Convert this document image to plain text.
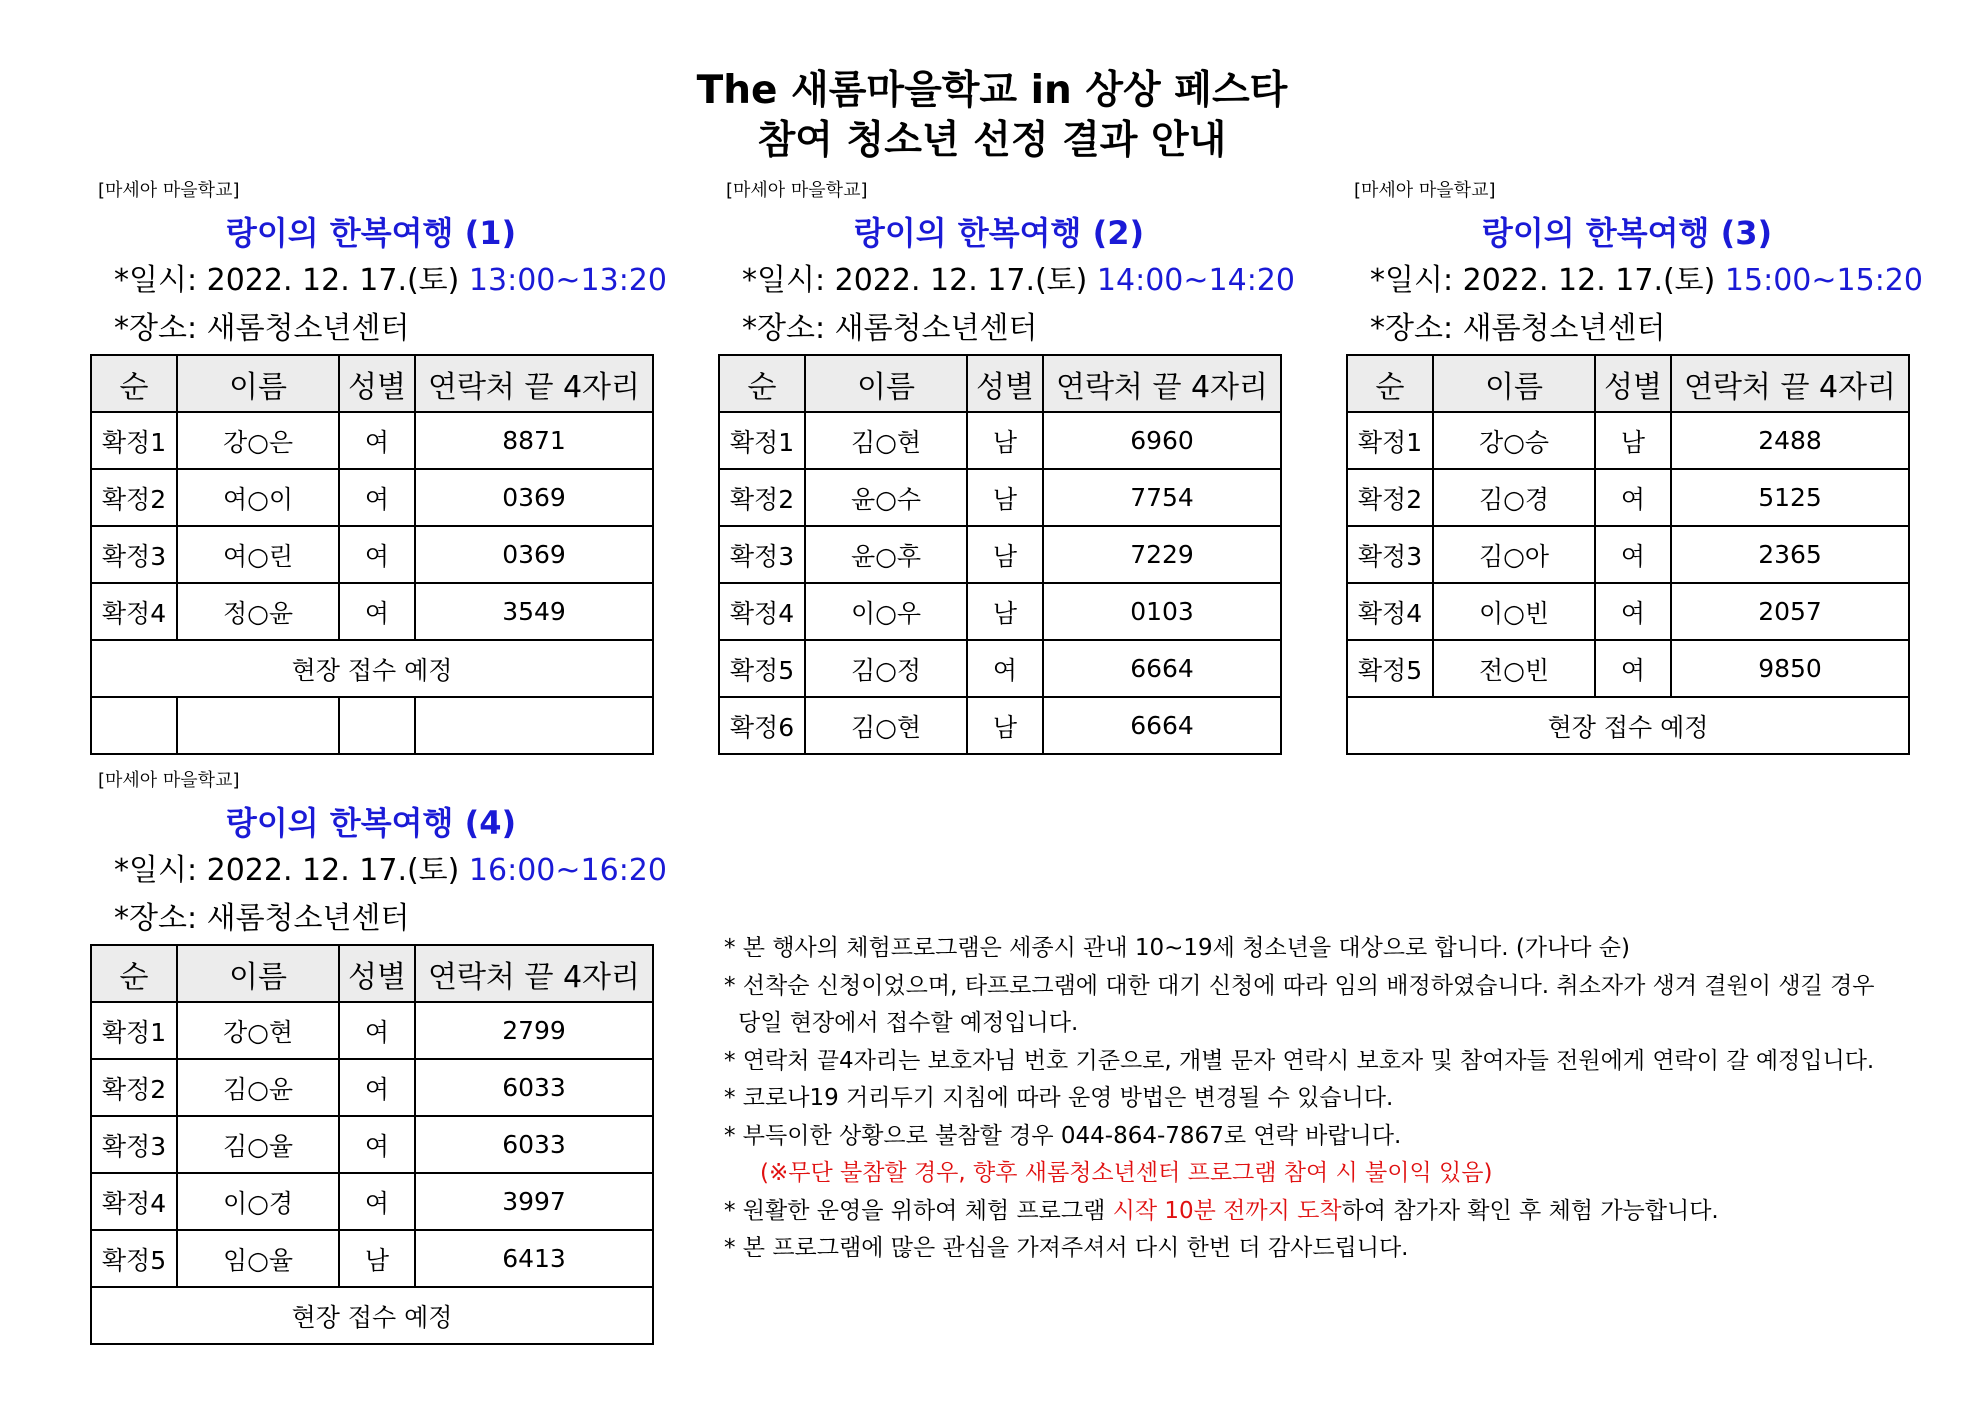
The 새롬마을학교 in 상상 페스타
참여 청소년 선정 결과 안내
[마세아 마을학교]
랑이의 한복여행 (1)
*일시: 2022. 12. 17.(토) 13:00~13:20
*장소: 새롬청소년센터
순	이름	성별	연락처 끝 4자리
확정1	강○은	여	8871
확정2	여○이	여	0369
확정3	여○린	여	0369
확정4	정○윤	여	3549
현장 접수 예정			

[마세아 마을학교]
랑이의 한복여행 (2)
*일시: 2022. 12. 17.(토) 14:00~14:20
*장소: 새롬청소년센터
순	이름	성별	연락처 끝 4자리
확정1	김○현	남	6960
확정2	윤○수	남	7754
확정3	윤○후	남	7229
확정4	이○우	남	0103
확정5	김○정	여	6664
확정6	김○현	남	6664
[마세아 마을학교]
랑이의 한복여행 (3)
*일시: 2022. 12. 17.(토) 15:00~15:20
*장소: 새롬청소년센터
순	이름	성별	연락처 끝 4자리
확정1	강○승	남	2488
확정2	김○경	여	5125
확정3	김○아	여	2365
확정4	이○빈	여	2057
확정5	전○빈	여	9850
현장 접수 예정			
[마세아 마을학교]
랑이의 한복여행 (4)
*일시: 2022. 12. 17.(토) 16:00~16:20
*장소: 새롬청소년센터
순	이름	성별	연락처 끝 4자리
확정1	강○현	여	2799
확정2	김○윤	여	6033
확정3	김○율	여	6033
확정4	이○경	여	3997
확정5	임○율	남	6413
현장 접수 예정			
* 본 행사의 체험프로그램은 세종시 관내 10~19세 청소년을 대상으로 합니다. (가나다 순)
* 선착순 신청이었으며, 타프로그램에 대한 대기 신청에 따라 임의 배정하였습니다. 취소자가 생겨 결원이 생길 경우
당일 현장에서 접수할 예정입니다.
* 연락처 끝4자리는 보호자님 번호 기준으로, 개별 문자 연락시 보호자 및 참여자들 전원에게 연락이 갈 예정입니다.
* 코로나19 거리두기 지침에 따라 운영 방법은 변경될 수 있습니다.
* 부득이한 상황으로 불참할 경우 044-864-7867로 연락 바랍니다.
(※무단 불참할 경우, 향후 새롬청소년센터 프로그램 참여 시 불이익 있음)
* 원활한 운영을 위하여 체험 프로그램 시작 10분 전까지 도착하여 참가자 확인 후 체험 가능합니다.
* 본 프로그램에 많은 관심을 가져주셔서 다시 한번 더 감사드립니다.
